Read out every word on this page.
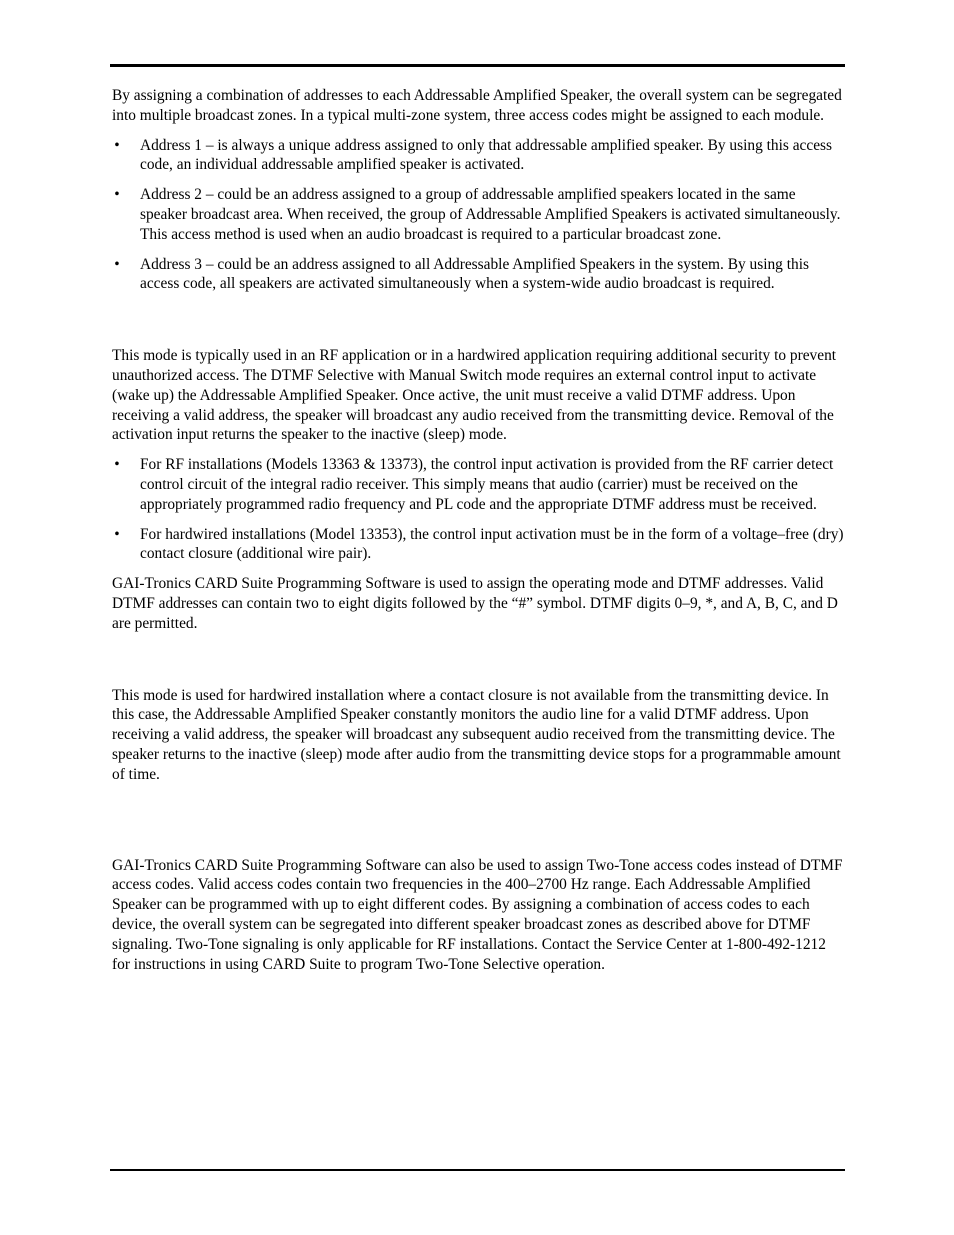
By assigning a combination of addresses to each Addressable Amplified Speaker, the overall system can be segregated into multiple broadcast zones. In a typical multi-zone system, three access codes might be assigned to each module.

• Address 1 – is always a unique address assigned to only that addressable amplified speaker. By using this access code, an individual addressable amplified speaker is activated.
• Address 2 – could be an address assigned to a group of addressable amplified speakers located in the same speaker broadcast area. When received, the group of Addressable Amplified Speakers is activated simultaneously. This access method is used when an audio broadcast is required to a particular broadcast zone.
• Address 3 – could be an address assigned to all Addressable Amplified Speakers in the system. By using this access code, all speakers are activated simultaneously when a system-wide audio broadcast is required.

This mode is typically used in an RF application or in a hardwired application requiring additional security to prevent unauthorized access. The DTMF Selective with Manual Switch mode requires an external control input to activate (wake up) the Addressable Amplified Speaker. Once active, the unit must receive a valid DTMF address. Upon receiving a valid address, the speaker will broadcast any audio received from the transmitting device. Removal of the activation input returns the speaker to the inactive (sleep) mode.

• For RF installations (Models 13363 & 13373), the control input activation is provided from the RF carrier detect control circuit of the integral radio receiver. This simply means that audio (carrier) must be received on the appropriately programmed radio frequency and PL code and the appropriate DTMF address must be received.
• For hardwired installations (Model 13353), the control input activation must be in the form of a voltage–free (dry) contact closure (additional wire pair).

GAI-Tronics CARD Suite Programming Software is used to assign the operating mode and DTMF addresses. Valid DTMF addresses can contain two to eight digits followed by the “#” symbol. DTMF digits 0–9, *, and A, B, C, and D are permitted.

This mode is used for hardwired installation where a contact closure is not available from the transmitting device. In this case, the Addressable Amplified Speaker constantly monitors the audio line for a valid DTMF address. Upon receiving a valid address, the speaker will broadcast any subsequent audio received from the transmitting device. The speaker returns to the inactive (sleep) mode after audio from the transmitting device stops for a programmable amount of time.

GAI-Tronics CARD Suite Programming Software can also be used to assign Two-Tone access codes instead of DTMF access codes. Valid access codes contain two frequencies in the 400–2700 Hz range. Each Addressable Amplified Speaker can be programmed with up to eight different codes. By assigning a combination of access codes to each device, the overall system can be segregated into different speaker broadcast zones as described above for DTMF signaling. Two-Tone signaling is only applicable for RF installations. Contact the Service Center at 1-800-492-1212 for instructions in using CARD Suite to program Two-Tone Selective operation.
